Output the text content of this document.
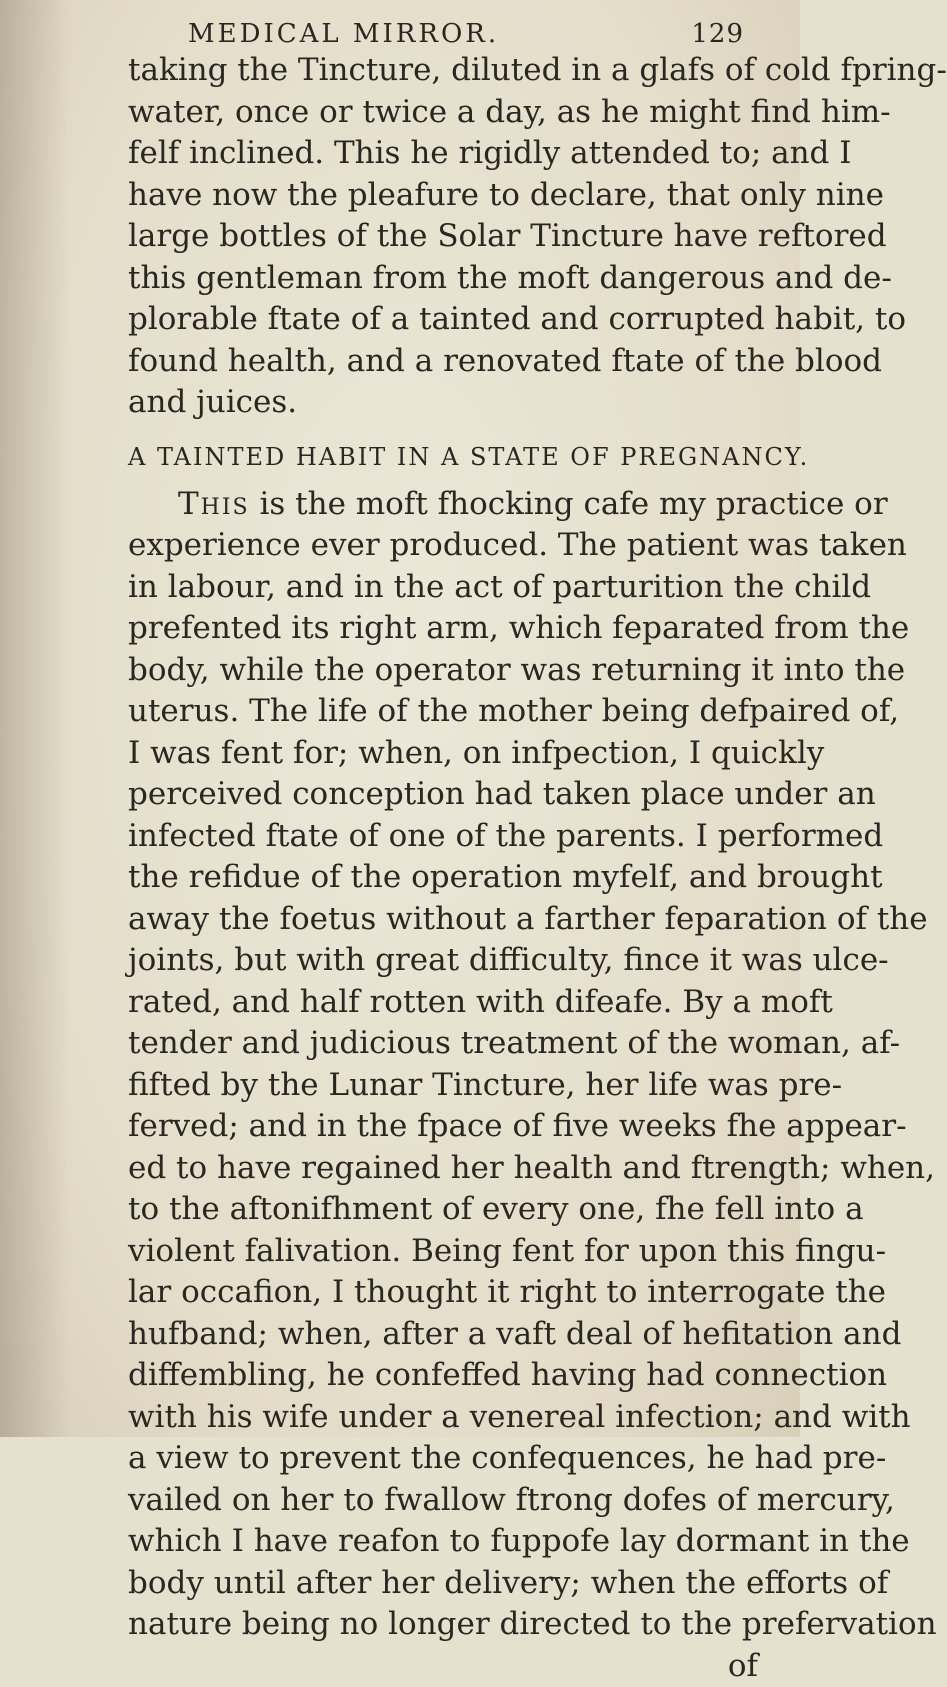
MEDICAL MIRROR.	129
taking the Tincture, diluted in a glafs of cold fpring-
water, once or twice a day, as he might find him-
felf inclined. This he rigidly attended to; and I
have now the pleafure to declare, that only nine
large bottles of the Solar Tincture have reftored
this gentleman from the moft dangerous and de-
plorable ftate of a tainted and corrupted habit, to
found health, and a renovated ftate of the blood
and juices.
A TAINTED HABIT IN A STATE OF PREGNANCY.
This is the moft fhocking cafe my practice or
experience ever produced. The patient was taken
in labour, and in the act of parturition the child
prefented its right arm, which feparated from the
body, while the operator was returning it into the
uterus. The life of the mother being defpaired of,
I was fent for; when, on infpection, I quickly
perceived conception had taken place under an
infected ftate of one of the parents. I performed
the refidue of the operation myfelf, and brought
away the foetus without a farther feparation of the
joints, but with great difficulty, fince it was ulce-
rated, and half rotten with difeafe. By a moft
tender and judicious treatment of the woman, af-
fifted by the Lunar Tincture, her life was pre-
ferved; and in the fpace of five weeks fhe appear-
ed to have regained her health and ftrength; when,
to the aftonifhment of every one, fhe fell into a
violent falivation. Being fent for upon this fingu-
lar occafion, I thought it right to interrogate the
hufband; when, after a vaft deal of hefitation and
diffembling, he confeffed having had connection
with his wife under a venereal infection; and with
a view to prevent the confequences, he had pre-
vailed on her to fwallow ftrong dofes of mercury,
which I have reafon to fuppofe lay dormant in the
body until after her delivery; when the efforts of
nature being no longer directed to the prefervation
of
